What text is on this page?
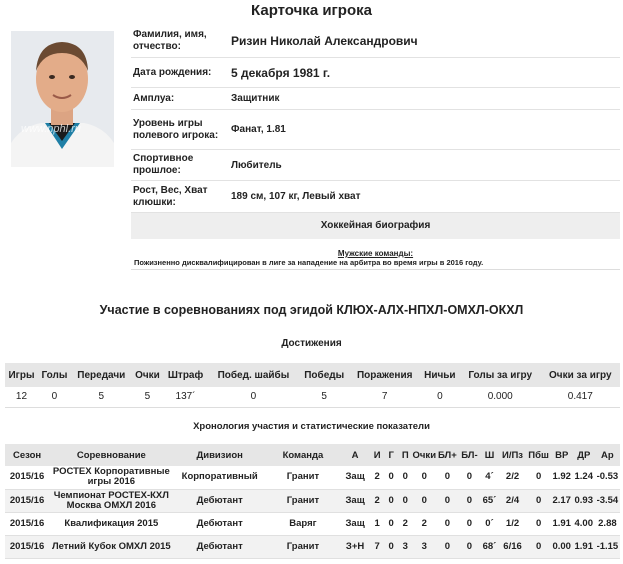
Карточка игрока
www.nphl.ru
Фамилия, имя, отчество:	Ризин Николай Александрович
Дата рождения:	5 декабря 1981 г.
Амплуа:	Защитник
Уровень игры полевого игрока:	Фанат, 1.81
Спортивное прошлое:	Любитель
Рост, Вес, Хват клюшки:	189 см, 107 кг, Левый хват
Хоккейная биография
Мужские команды:
Пожизненно дисквалифицирован в лиге за нападение на арбитра во время игры в 2016 году.
Участие в соревнованиях под эгидой КЛЮХ-АЛХ-НПХЛ-ОМХЛ-ОКХЛ
Достижения
Игры	Голы	Передачи	Очки	Штраф	Побед. шайбы	Победы	Поражения	Ничьи	Голы за игру	Очки за игру
12	0	5	5	137´	0	5	7	0	0.000	0.417
Хронология участия и статистические показатели
Сезон	Соревнование	Дивизион	Команда	А	И	Г	П	Очки	БЛ+	БЛ-	Ш	И/Пз	Пбш	ВР	ДР	Ар
2015/16	РОСТЕХ Корпоративные игры 2016	Корпоративный	Гранит	Защ	2	0	0	0	0	0	4´	2/2	0	1.92	1.24	-0.53
2015/16	Чемпионат РОСТЕХ-КХЛ Москва ОМХЛ 2016	Дебютант	Гранит	Защ	2	0	0	0	0	0	65´	2/4	0	2.17	0.93	-3.54
2015/16	Квалификация 2015	Дебютант	Варяг	Защ	1	0	2	2	0	0	0´	1/2	0	1.91	4.00	2.88
2015/16	Летний Кубок ОМХЛ 2015	Дебютант	Гранит	З+Н	7	0	3	3	0	0	68´	6/16	0	0.00	1.91	-1.15
